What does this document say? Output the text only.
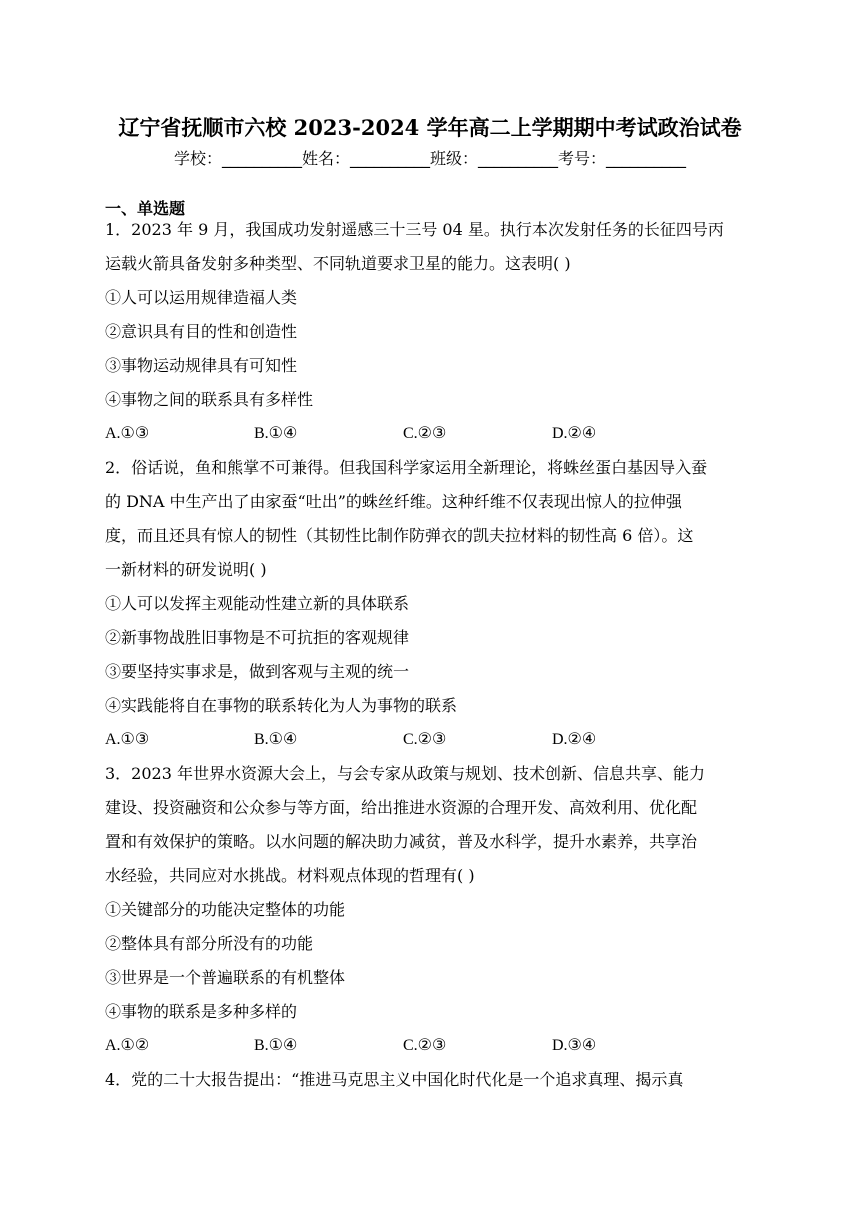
辽宁省抚顺市六校 2023-2024 学年高二上学期期中考试政治试卷
学校：__________姓名：__________班级：__________考号：__________
一、单选题
1．2023 年 9 月，我国成功发射遥感三十三号 04 星。执行本次发射任务的长征四号丙
运载火箭具备发射多种类型、不同轨道要求卫星的能力。这表明( )
①人可以运用规律造福人类
②意识具有目的性和创造性
③事物运动规律具有可知性
④事物之间的联系具有多样性
A.①③	B.①④	C.②③	D.②④
2．俗话说，鱼和熊掌不可兼得。但我国科学家运用全新理论，将蛛丝蛋白基因导入蚕
的 DNA 中生产出了由家蚕“吐出”的蛛丝纤维。这种纤维不仅表现出惊人的拉伸强
度，而且还具有惊人的韧性（其韧性比制作防弹衣的凯夫拉材料的韧性高 6 倍）。这
一新材料的研发说明( )
①人可以发挥主观能动性建立新的具体联系
②新事物战胜旧事物是不可抗拒的客观规律
③要坚持实事求是，做到客观与主观的统一
④实践能将自在事物的联系转化为人为事物的联系
A.①③	B.①④	C.②③	D.②④
3．2023 年世界水资源大会上，与会专家从政策与规划、技术创新、信息共享、能力
建设、投资融资和公众参与等方面，给出推进水资源的合理开发、高效利用、优化配
置和有效保护的策略。以水问题的解决助力减贫，普及水科学，提升水素养，共享治
水经验，共同应对水挑战。材料观点体现的哲理有( )
①关键部分的功能决定整体的功能
②整体具有部分所没有的功能
③世界是一个普遍联系的有机整体
④事物的联系是多种多样的
A.①②	B.①④	C.②③	D.③④
4．党的二十大报告提出：“推进马克思主义中国化时代化是一个追求真理、揭示真
